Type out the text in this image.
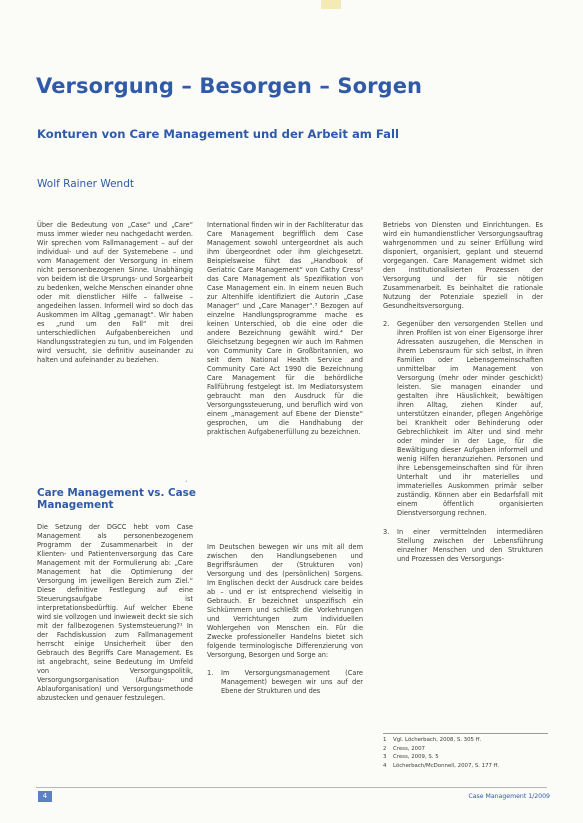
Versorgung – Besorgen – Sorgen
Konturen von Care Management und der Arbeit am Fall
Wolf Rainer Wendt

Über die Bedeutung von „Case“ und „Care“ muss immer wieder neu nachgedacht werden. Wir sprechen vom Fallmanagement – auf der individual- und auf der Systemebene – und vom Management der Versorgung in einem nicht personenbezogenen Sinne. Unabhängig von beidem ist die Ursprungs- und Sorgearbeit zu bedenken, welche Menschen einander ohne oder mit dienstlicher Hilfe – fallweise – angedeihen lassen. Informell wird so doch das Auskommen im Alltag „gemanagt“. Wir haben es „rund um den Fall“ mit drei unterschiedlichen Aufgabenbereichen und Handlungsstrategien zu tun, und im Folgenden wird versucht, sie definitiv auseinander zu halten und aufeinander zu beziehen.

ˊ
Care Management vs. Case Management

Die Setzung der DGCC hebt vom Case Management als personenbezogenem Programm der Zusammenarbeit in der Klienten- und Patientenversorgung das Care Management mit der Formulierung ab: „Care Management hat die Optimierung der Versorgung im jeweiligen Bereich zum Ziel.“ Diese definitive Festlegung auf eine Steuerungsaufgabe ist interpretationsbedürftig. Auf welcher Ebene wird sie vollzogen und inwieweit deckt sie sich mit der fallbezogenen Systemsteuerung?¹ In der Fachdiskussion zum Fallmanagement herrscht einige Unsicherheit über den Gebrauch des Begriffs Care Management. Es ist angebracht, seine Bedeutung im Umfeld von Versorgungspolitik, Versorgungsorganisation (Aufbau- und Ablauforganisation) und Versorgungsmethode abzustecken und genauer festzulegen.

International finden wir in der Fachliteratur das Care Management begrifflich dem Case Management sowohl untergeordnet als auch ihm übergeordnet oder ihm gleichgesetzt. Beispielsweise führt das „Handbook of Geriatric Care Management“ von Cathy Cress² das Care Management als Spezifikation von Case Management ein. In einem neuen Buch zur Altenhilfe identifiziert die Autorin „Case Manager“ und „Care Manager“.³ Bezogen auf einzelne Handlungsprogramme mache es keinen Unterschied, ob die eine oder die andere Bezeichnung gewählt wird.⁴ Der Gleichsetzung begegnen wir auch im Rahmen von Community Care in Großbritannien, wo seit dem National Health Service and Community Care Act 1990 die Bezeichnung Care Management für die behördliche Fallführung festgelegt ist. Im Mediatorsystem gebraucht man den Ausdruck für die Versorgungssteuerung, und beruflich wird von einem „management auf Ebene der Dienste“ gesprochen, um die Handhabung der praktischen Aufgabenerfüllung zu bezeichnen.

Im Deutschen bewegen wir uns mit all dem zwischen den Handlungsebenen und Begriffsräumen der (Strukturen von) Versorgung und des (persönlichen) Sorgens. Im Englischen deckt der Ausdruck care beides ab – und er ist entsprechend vielseitig in Gebrauch. Er bezeichnet unspezifisch ein Sichkümmern und schließt die Vorkehrungen und Verrichtungen zum individuellen Wohlergehen von Menschen ein. Für die Zwecke professioneller Handelns bietet sich folgende terminologische Differenzierung von Versorgung, Besorgen und Sorge an:

1. Im Versorgungsmanagement (Care Management) bewegen wir uns auf der Ebene der Strukturen und des

Betriebs von Diensten und Einrichtungen. Es wird ein humandienstlicher Versorgungsauftrag wahrgenommen und zu seiner Erfüllung wird disponiert, organisiert, geplant und steuernd vorgegangen. Care Management widmet sich den institutionalisierten Prozessen der Versorgung und der für sie nötigen Zusammenarbeit. Es beinhaltet die rationale Nutzung der Potenziale speziell in der Gesundheitsversorgung.

2. Gegenüber den versorgenden Stellen und ihren Profilen ist von einer Eigensorge ihrer Adressaten auszugehen, die Menschen in ihrem Lebensraum für sich selbst, in ihren Familien oder Lebensgemeinschaften unmittelbar im Management von Versorgung (mehr oder minder geschickt) leisten. Sie managen einander und gestalten ihre Häuslichkeit, bewältigen ihren Alltag, ziehen Kinder auf, unterstützen einander, pflegen Angehörige bei Krankheit oder Behinderung oder Gebrechlichkeit im Alter und sind mehr oder minder in der Lage, für die Bewältigung dieser Aufgaben informell und wenig Hilfen heranzuziehen. Personen und ihre Lebensgemeinschaften sind für ihren Unterhalt und ihr materielles und immaterielles Auskommen primär selber zuständig. Können aber ein Bedarfsfall mit einem öffentlich organisierten Dienstversorgung rechnen.
3. In einer vermittelnden intermediären Stellung zwischen der Lebensführung einzelner Menschen und den Strukturen und Prozessen des Versorgungs-
1 Vgl. Löcherbach, 2008, S. 305 ff.
2 Cress, 2007
3 Cress, 2009, S. 5
4 Löcherbach/McDonnell, 2007, S. 177 ff.
4	Case Management 1/2009
